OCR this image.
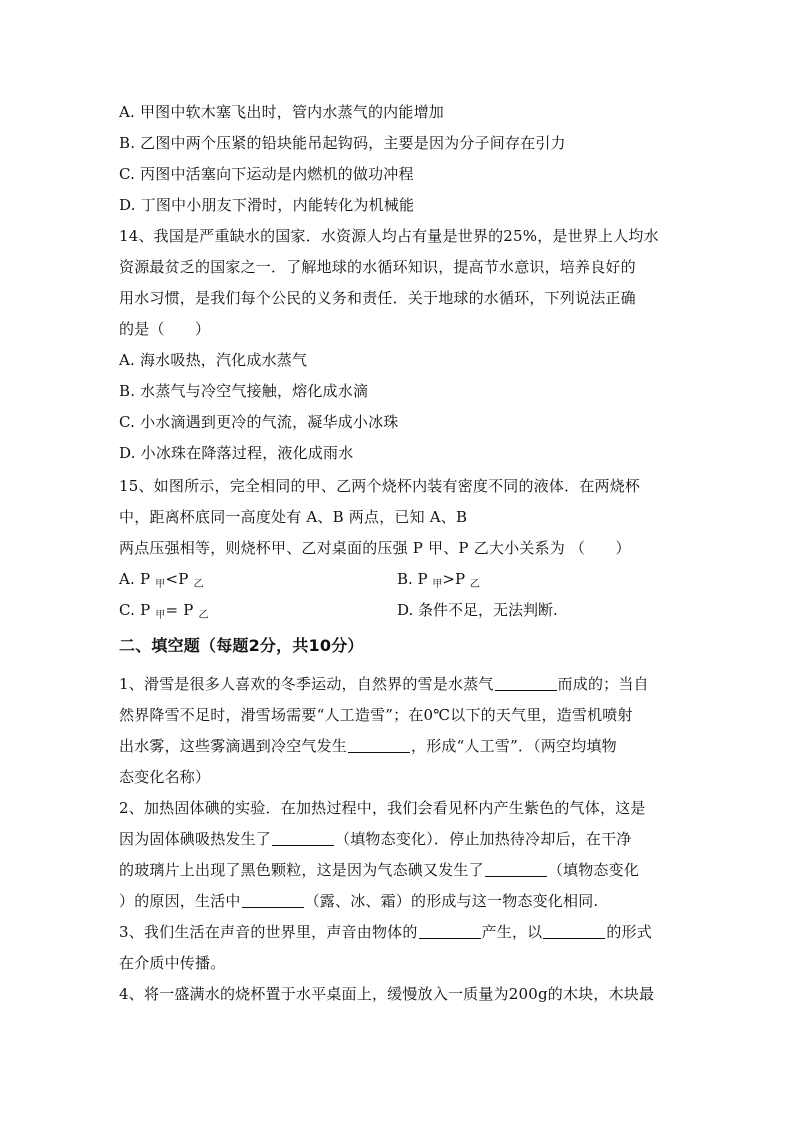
A. 甲图中软木塞飞出时，管内水蒸气的内能增加
B. 乙图中两个压紧的铅块能吊起钩码，主要是因为分子间存在引力
C. 丙图中活塞向下运动是内燃机的做功冲程
D. 丁图中小朋友下滑时，内能转化为机械能
14、我国是严重缺水的国家．水资源人均占有量是世界的25%，是世界上人均水
资源最贫乏的国家之一．了解地球的水循环知识，提高节水意识，培养良好的
用水习惯，是我们每个公民的义务和责任．关于地球的水循环，下列说法正确
的是（　　）
A. 海水吸热，汽化成水蒸气
B. 水蒸气与冷空气接触，熔化成水滴
C. 小水滴遇到更冷的气流，凝华成小冰珠
D. 小冰珠在降落过程，液化成雨水
15、如图所示，完全相同的甲、乙两个烧杯内装有密度不同的液体．在两烧杯
中，距离杯底同一高度处有 A、B 两点，已知 A、B
两点压强相等，则烧杯甲、乙对桌面的压强 P 甲、P 乙大小关系为 （　　）
A. P $_甲$<P $_乙$	B. P $_甲$>P $_乙$
C. P $_甲$= P $_乙$	D. 条件不足，无法判断.
二、填空题（每题2分，共10分）
1、滑雪是很多人喜欢的冬季运动，自然界的雪是水蒸气	而成的；当自
然界降雪不足时，滑雪场需要“人工造雪”；在0℃以下的天气里，造雪机喷射
出水雾，这些雾滴遇到冷空气发生	，形成“人工雪”．（两空均填物
态变化名称）
2、加热固体碘的实验．在加热过程中，我们会看见杯内产生紫色的气体，这是
因为固体碘吸热发生了	（填物态变化）．停止加热待冷却后，在干净
的玻璃片上出现了黑色颗粒，这是因为气态碘又发生了	（填物态变化
）的原因，生活中	（露、冰、霜）的形成与这一物态变化相同.
3、我们生活在声音的世界里，声音由物体的	产生，以	的形式
在介质中传播。
4、将一盛满水的烧杯置于水平桌面上，缓慢放入一质量为200g的木块，木块最
